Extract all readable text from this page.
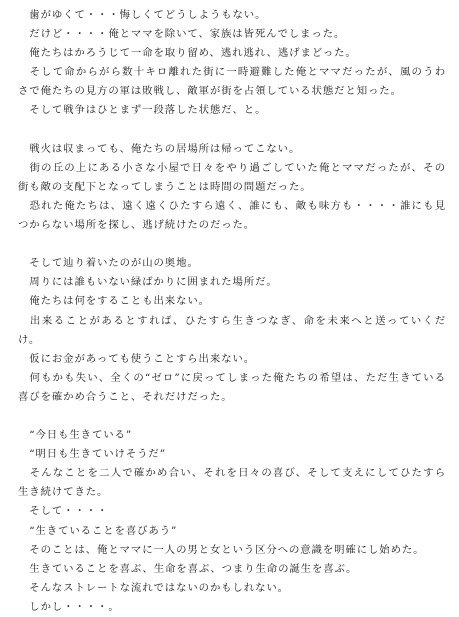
　歯がゆくて・・・悔しくてどうしようもない。

　だけど・・・・俺とママを除いて、家族は皆死んでしまった。

　俺たちはかろうじて一命を取り留め、逃れ逃れ、逃げまどった。

　そして命からがら数十キロ離れた街に一時避難した俺とママだったが、風のうわさで俺たちの見方の軍は敗戦し、敵軍が街を占領している状態だと知った。

　そして戦争はひとまず一段落した状態だ、と。

　戦火は収まっても、俺たちの居場所は帰ってこない。

　街の丘の上にある小さな小屋で日々をやり過ごしていた俺とママだったが、その街も敵の支配下となってしまうことは時間の問題だった。

　恐れた俺たちは、遠く遠くひたすら遠く、誰にも、敵も味方も・・・・誰にも見つからない場所を探し、逃げ続けたのだった。

　そして辿り着いたのが山の奥地。

　周りには誰もいない緑ばかりに囲まれた場所だ。

　俺たちは何をすることも出来ない。

　出来ることがあるとすれば、ひたすら生きつなぎ、命を未来へと送っていくだけ。

　仮にお金があっても使うことすら出来ない。

　何もかも失い、全くの“ゼロ”に戻ってしまった俺たちの希望は、ただ生きている喜びを確かめ合うこと、それだけだった。

　“今日も生きている”

　“明日も生きていけそうだ”

　そんなことを二人で確かめ合い、それを日々の喜び、そして支えにしてひたすら生き続けてきた。

　そして・・・・

　“生きていることを喜びあう”

　そのことは、俺とママに一人の男と女という区分への意識を明確にし始めた。

　生きていることを喜ぶ、生命を喜ぶ、つまり生命の誕生を喜ぶ。

　そんなストレートな流れではないのかもしれない。

　しかし・・・・。
